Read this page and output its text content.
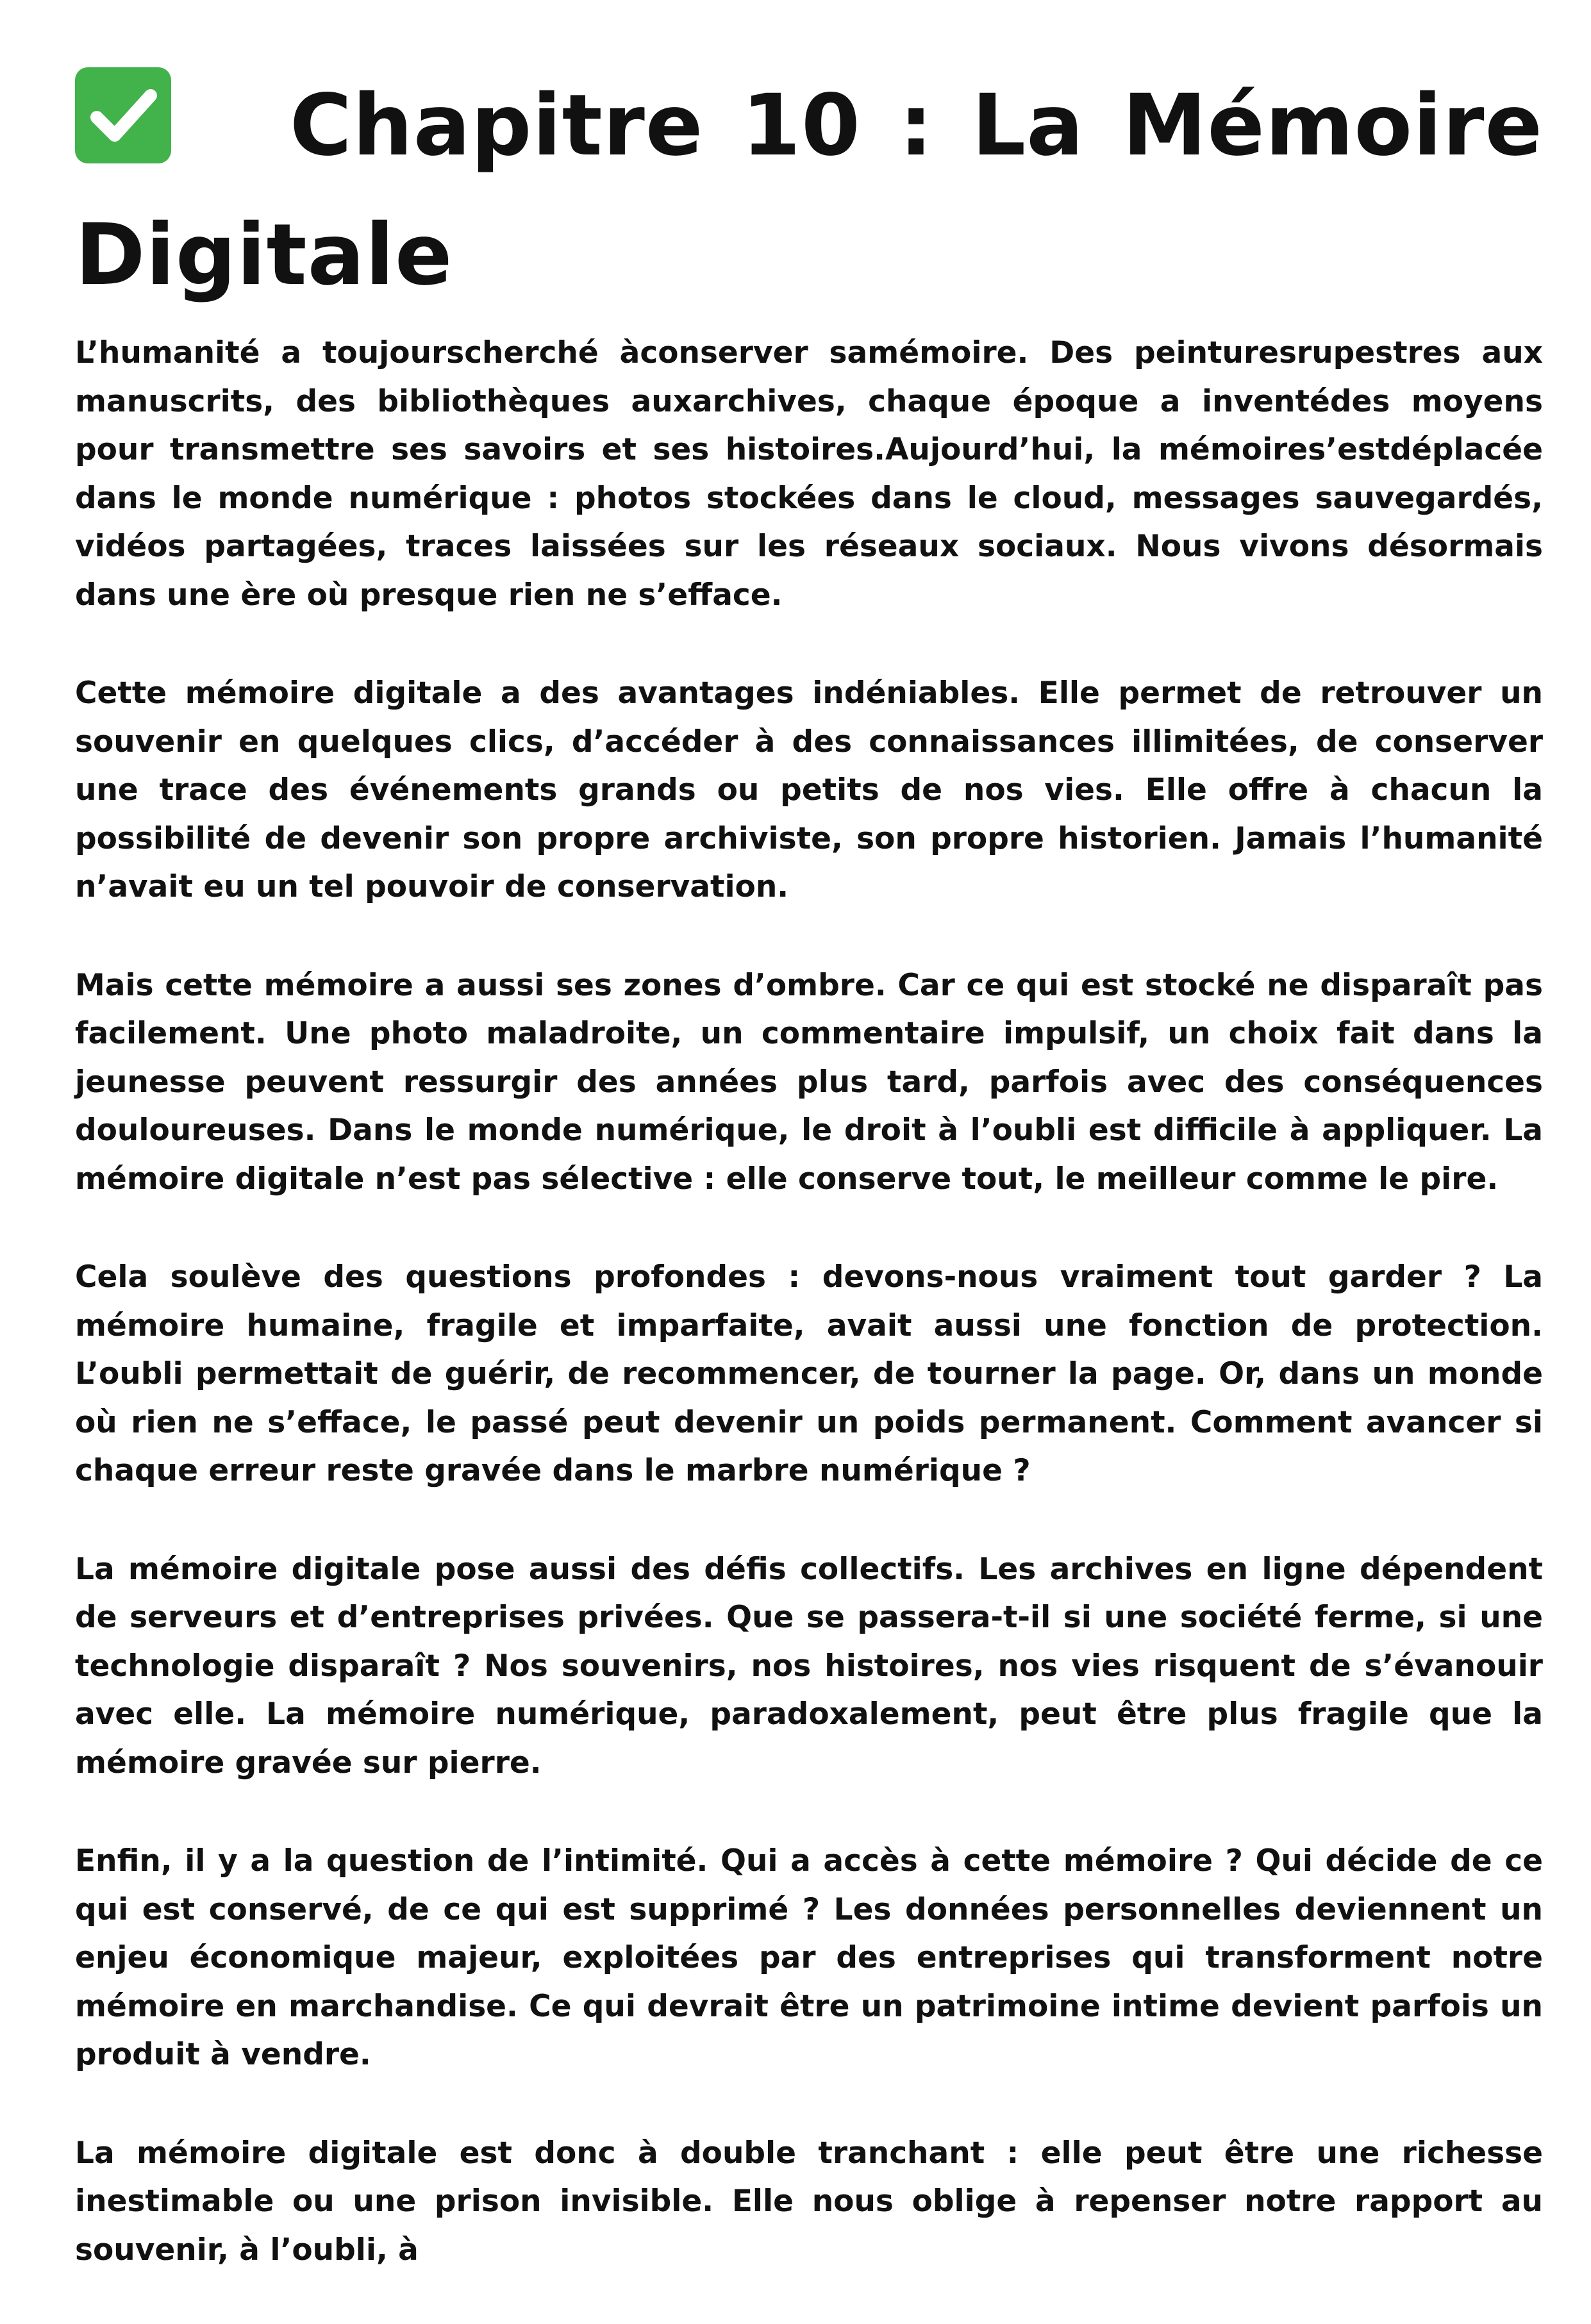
Chapitre 10 : La Mémoire Digitale

L’humanité a toujourscherché àconserver samémoire. Des peinturesrupestres aux manuscrits, des bibliothèques auxarchives, chaque époque a inventédes moyens pour transmettre ses savoirs et ses histoires.Aujourd’hui, la mémoires’estdéplacée dans le monde numérique : photos stockées dans le cloud, messages sauvegardés, vidéos partagées, traces laissées sur les réseaux sociaux. Nous vivons désormais dans une ère où presque rien ne s’efface.

Cette mémoire digitale a des avantages indéniables. Elle permet de retrouver un souvenir en quelques clics, d’accéder à des connaissances illimitées, de conserver une trace des événements grands ou petits de nos vies. Elle offre à chacun la possibilité de devenir son propre archiviste, son propre historien. Jamais l’humanité n’avait eu un tel pouvoir de conservation.

Mais cette mémoire a aussi ses zones d’ombre. Car ce qui est stocké ne disparaît pas facilement. Une photo maladroite, un commentaire impulsif, un choix fait dans la jeunesse peuvent ressurgir des années plus tard, parfois avec des conséquences douloureuses. Dans le monde numérique, le droit à l’oubli est difficile à appliquer. La mémoire digitale n’est pas sélective : elle conserve tout, le meilleur comme le pire.

Cela soulève des questions profondes : devons-nous vraiment tout garder ? La mémoire humaine, fragile et imparfaite, avait aussi une fonction de protection. L’oubli permettait de guérir, de recommencer, de tourner la page. Or, dans un monde où rien ne s’efface, le passé peut devenir un poids permanent. Comment avancer si chaque erreur reste gravée dans le marbre numérique ?

La mémoire digitale pose aussi des défis collectifs. Les archives en ligne dépendent de serveurs et d’entreprises privées. Que se passera-t-il si une société ferme, si une technologie disparaît ? Nos souvenirs, nos histoires, nos vies risquent de s’évanouir avec elle. La mémoire numérique, paradoxalement, peut être plus fragile que la mémoire gravée sur pierre.

Enfin, il y a la question de l’intimité. Qui a accès à cette mémoire ? Qui décide de ce qui est conservé, de ce qui est supprimé ? Les données personnelles deviennent un enjeu économique majeur, exploitées par des entreprises qui transforment notre mémoire en marchandise. Ce qui devrait être un patrimoine intime devient parfois un produit à vendre.

La mémoire digitale est donc à double tranchant : elle peut être une richesse inestimable ou une prison invisible. Elle nous oblige à repenser notre rapport au souvenir, à l’oubli, à
